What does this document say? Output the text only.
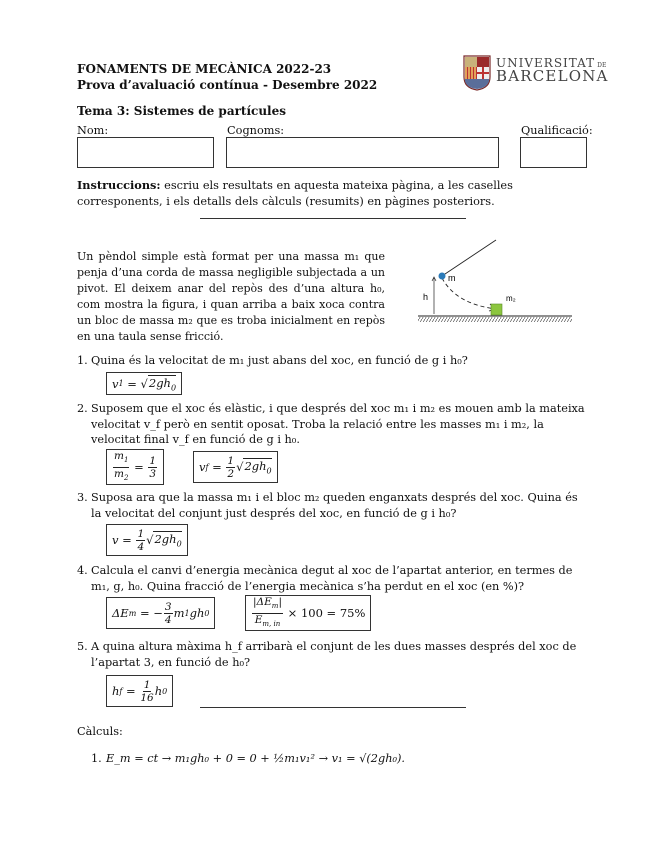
FONAMENTS DE MECÀNICA 2022-23
Prova d’avaluació contínua - Desembre 2022
Tema 3: Sistemes de partícules
UNIVERSITAT DE
BARCELONA
Nom:	Cognoms:	Qualificació:
Instruccions: escriu els resultats en aquesta mateixa pàgina, a les caselles corresponents, i els detalls dels càlculs (resumits) en pàgines posteriors.
Un pèndol simple està format per una massa m₁ que penja d’una corda de massa negligible subjectada a un pivot. El deixem anar del repòs des d’una altura h₀, com mostra la figura, i quan arriba a baix xoca contra un bloc de massa m₂ que es troba inicialment en repòs en una taula sense fricció.
m
h	m₂
1. Quina és la velocitat de m₁ just abans del xoc, en funció de g i h₀?
v 1 = √ $2gh_0$
2. Suposem que el xoc és elàstic, i que després del xoc m₁ i m₂ es mouen amb la mateixa velocitat v_f però en sentit oposat. Troba la relació entre les masses m₁ i m₂, la velocitat final v_f en funció de g i h₀.
$\frac{m_1}{m_2} = \frac{1}{3}$	v $f = \frac{1}{2}$ √ $2gh_0$
3. Suposa ara que la massa m₁ i el bloc m₂ queden enganxats després del xoc. Quina és la velocitat del conjunt just després del xoc, en funció de g i h₀?
$v = \frac{1}{4}$ √ $2gh_0$
4. Calcula el canvi d’energia mecànica degut al xoc de l’apartat anterior, en termes de m₁, g, h₀. Quina fracció de l’energia mecànica s’ha perdut en el xoc (en %)?
ΔE m = − $\frac{3}{4}$ m 1 gh 0	$\frac{|\Delta E_m|}{E_{m, in}} \times 100 = 75\%$
5. A quina altura màxima h_f arribarà el conjunt de les dues masses després del xoc de l’apartat 3, en funció de h₀?
h $f = \frac{1}{16}$ h 0
Càlculs:
1. E_m = ct → m₁gh₀ + 0 = 0 + ½m₁v₁² → v₁ = √(2gh₀).
